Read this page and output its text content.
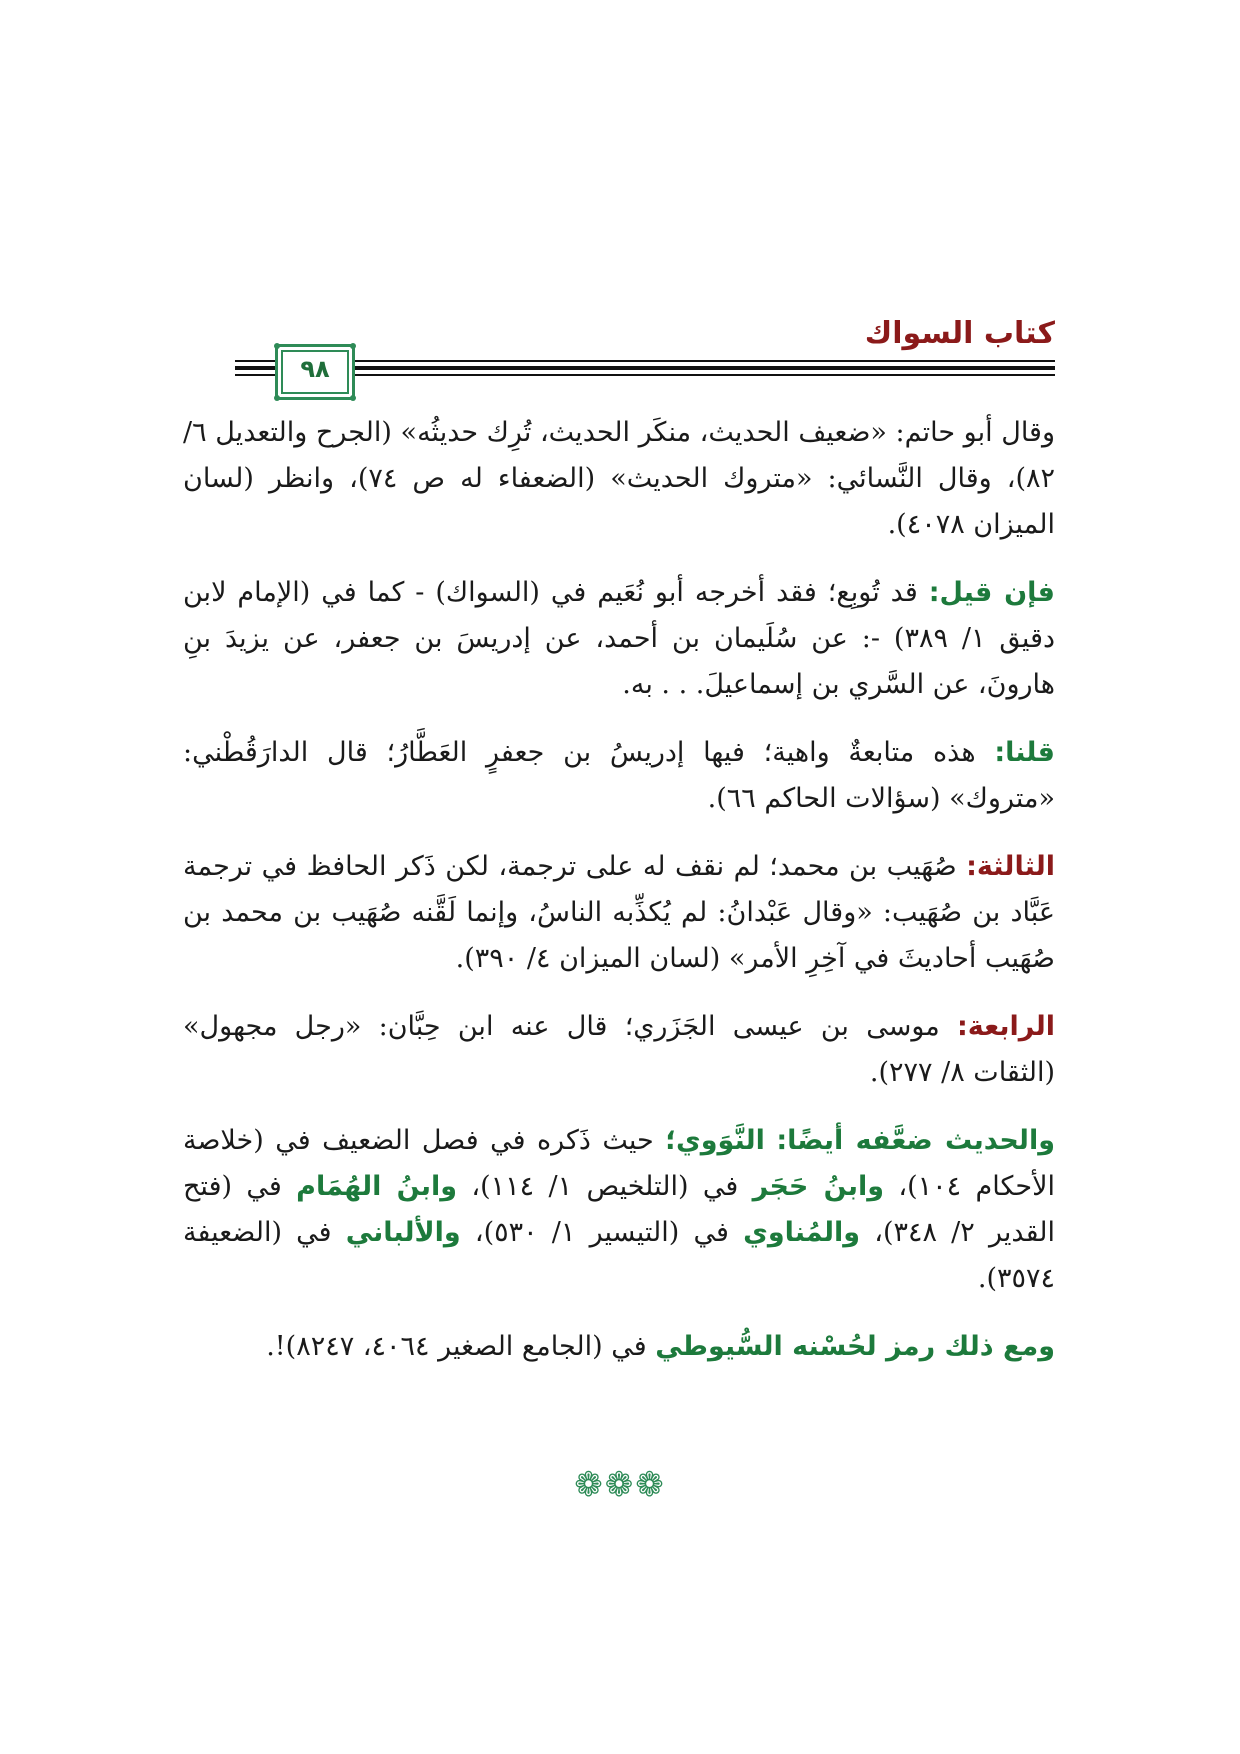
كتاب السواك
٩٨

وقال أبو حاتم: «ضعيف الحديث، منكَر الحديث، تُرِك حديثُه» (الجرح والتعديل ٦/ ٨٢)، وقال النَّسائي: «متروك الحديث» (الضعفاء له ص ٧٤)، وانظر (لسان الميزان ٤٠٧٨).

فإن قيل: قد تُوبِع؛ فقد أخرجه أبو نُعَيم في (السواك) - كما في (الإمام لابن دقيق ١/ ٣٨٩) -: عن سُلَيمان بن أحمد، عن إدريسَ بن جعفر، عن يزيدَ بنِ هارونَ، عن السَّري بن إسماعيلَ. . . به.

قلنا: هذه متابعةٌ واهية؛ فيها إدريسُ بن جعفرٍ العَطَّارُ؛ قال الدارَقُطْني: «متروك» (سؤالات الحاكم ٦٦).

الثالثة: صُهَيب بن محمد؛ لم نقف له على ترجمة، لكن ذَكر الحافظ في ترجمة عَبَّاد بن صُهَيب: «وقال عَبْدانُ: لم يُكذِّبه الناسُ، وإنما لَقَّنه صُهَيب بن محمد بن صُهَيب أحاديثَ في آخِرِ الأمر» (لسان الميزان ٤/ ٣٩٠).

الرابعة: موسى بن عيسى الجَزَري؛ قال عنه ابن حِبَّان: «رجل مجهول» (الثقات ٨/ ٢٧٧).

والحديث ضعَّفه أيضًا: النَّوَوي؛ حيث ذَكره في فصل الضعيف في (خلاصة الأحكام ١٠٤)، وابنُ حَجَر في (التلخيص ١/ ١١٤)، وابنُ الهُمَام في (فتح القدير ٢/ ٣٤٨)، والمُناوي في (التيسير ١/ ٥٣٠)، والألباني في (الضعيفة ٣٥٧٤).

ومع ذلك رمز لحُسْنه السُّيوطي في (الجامع الصغير ٤٠٦٤، ٨٢٤٧)!.

❁❁❁
